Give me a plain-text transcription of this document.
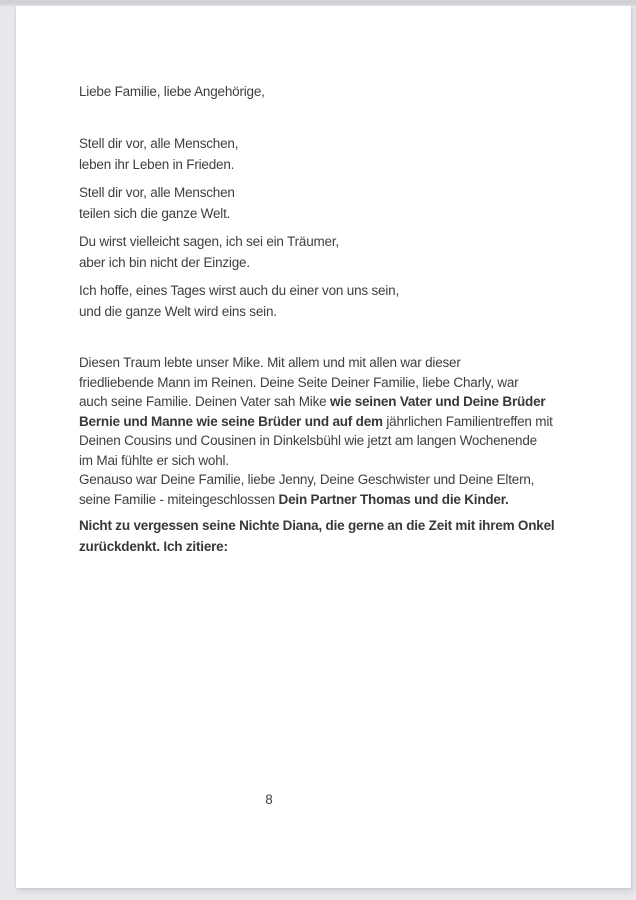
Liebe Familie, liebe Angehörige,
Stell dir vor, alle Menschen,
leben ihr Leben in Frieden.
Stell dir vor, alle Menschen
teilen sich die ganze Welt.
Du wirst vielleicht sagen, ich sei ein Träumer,
aber ich bin nicht der Einzige.
Ich hoffe, eines Tages wirst auch du einer von uns sein,
und die ganze Welt wird eins sein.
Diesen Traum lebte unser Mike. Mit allem und mit allen war dieser
friedliebende Mann im Reinen. Deine Seite Deiner Familie, liebe Charly, war
auch seine Familie. Deinen Vater sah Mike wie seinen Vater und Deine Brüder
Bernie und Manne wie seine Brüder und auf dem jährlichen Familientreffen mit
Deinen Cousins und Cousinen in Dinkelsbühl wie jetzt am langen Wochenende
im Mai fühlte er sich wohl.
Genauso war Deine Familie, liebe Jenny, Deine Geschwister und Deine Eltern,
seine Familie - miteingeschlossen Dein Partner Thomas und die Kinder.
Nicht zu vergessen seine Nichte Diana, die gerne an die Zeit mit ihrem Onkel
zurückdenkt. Ich zitiere:
8
